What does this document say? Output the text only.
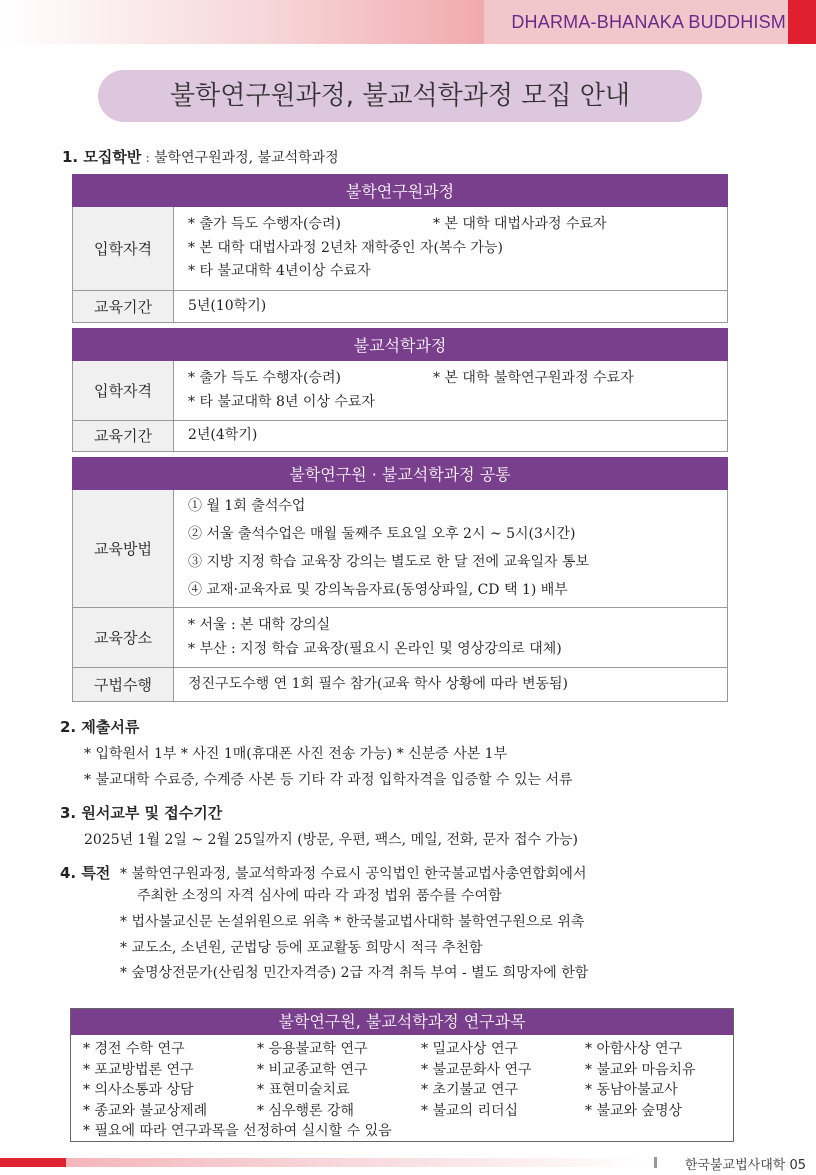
DHARMA-BHANAKA BUDDHISM
불학연구원과정, 불교석학과정 모집 안내
1. 모집학반 : 불학연구원과정, 불교석학과정
불학연구원과정	
입학자격	* 출가 득도 수행자(승려) * 본 대학 대법사과정 수료자
* 본 대학 대법사과정 2년차 재학중인 자(복수 가능)
* 타 불교대학 4년이상 수료자

교육기간	5년(10학기)
불교석학과정	
입학자격	* 출가 득도 수행자(승려) * 본 대학 불학연구원과정 수료자
* 타 불교대학 8년 이상 수료자

교육기간	2년(4학기)
불학연구원 · 불교석학과정 공통	
교육방법	① 월 1회 출석수업
② 서울 출석수업은 매월 둘째주 토요일 오후 2시 ~ 5시(3시간)
③ 지방 지정 학습 교육장 강의는 별도로 한 달 전에 교육일자 통보
④ 교재·교육자료 및 강의녹음자료(동영상파일, CD 택 1) 배부

교육장소	* 서울 : 본 대학 강의실
* 부산 : 지정 학습 교육장(필요시 온라인 및 영상강의로 대체)

구법수행	정진구도수행 연 1회 필수 참가(교육 학사 상황에 따라 변동됨)
2. 제출서류
* 입학원서 1부 * 사진 1매(휴대폰 사진 전송 가능) * 신분증 사본 1부
* 불교대학 수료증, 수계증 사본 등 기타 각 과정 입학자격을 입증할 수 있는 서류
3. 원서교부 및 접수기간
2025년 1월 2일 ~ 2월 25일까지 (방문, 우편, 팩스, 메일, 전화, 문자 접수 가능)
4. 특전 * 불학연구원과정, 불교석학과정 수료시 공익법인 한국불교법사총연합회에서
주최한 소정의 자격 심사에 따라 각 과정 법위 품수를 수여함
* 법사불교신문 논설위원으로 위촉 * 한국불교법사대학 불학연구원으로 위촉
* 교도소, 소년원, 군법당 등에 포교활동 희망시 적극 추천함
* 숲명상전문가(산림청 민간자격증) 2급 자격 취득 부여 - 별도 희망자에 한함
불학연구원, 불교석학과정 연구과목
* 경전 수학 연구	* 응용불교학 연구	* 밀교사상 연구	* 아함사상 연구
* 포교방법론 연구	* 비교종교학 연구	* 불교문화사 연구	* 불교와 마음치유
* 의사소통과 상담	* 표현미술치료	* 초기불교 연구	* 동남아불교사
* 종교와 불교상제례	* 심우행론 강해	* 불교의 리더십	* 불교와 숲명상
* 필요에 따라 연구과목을 선정하여 실시할 수 있음
한국불교법사대학 05
